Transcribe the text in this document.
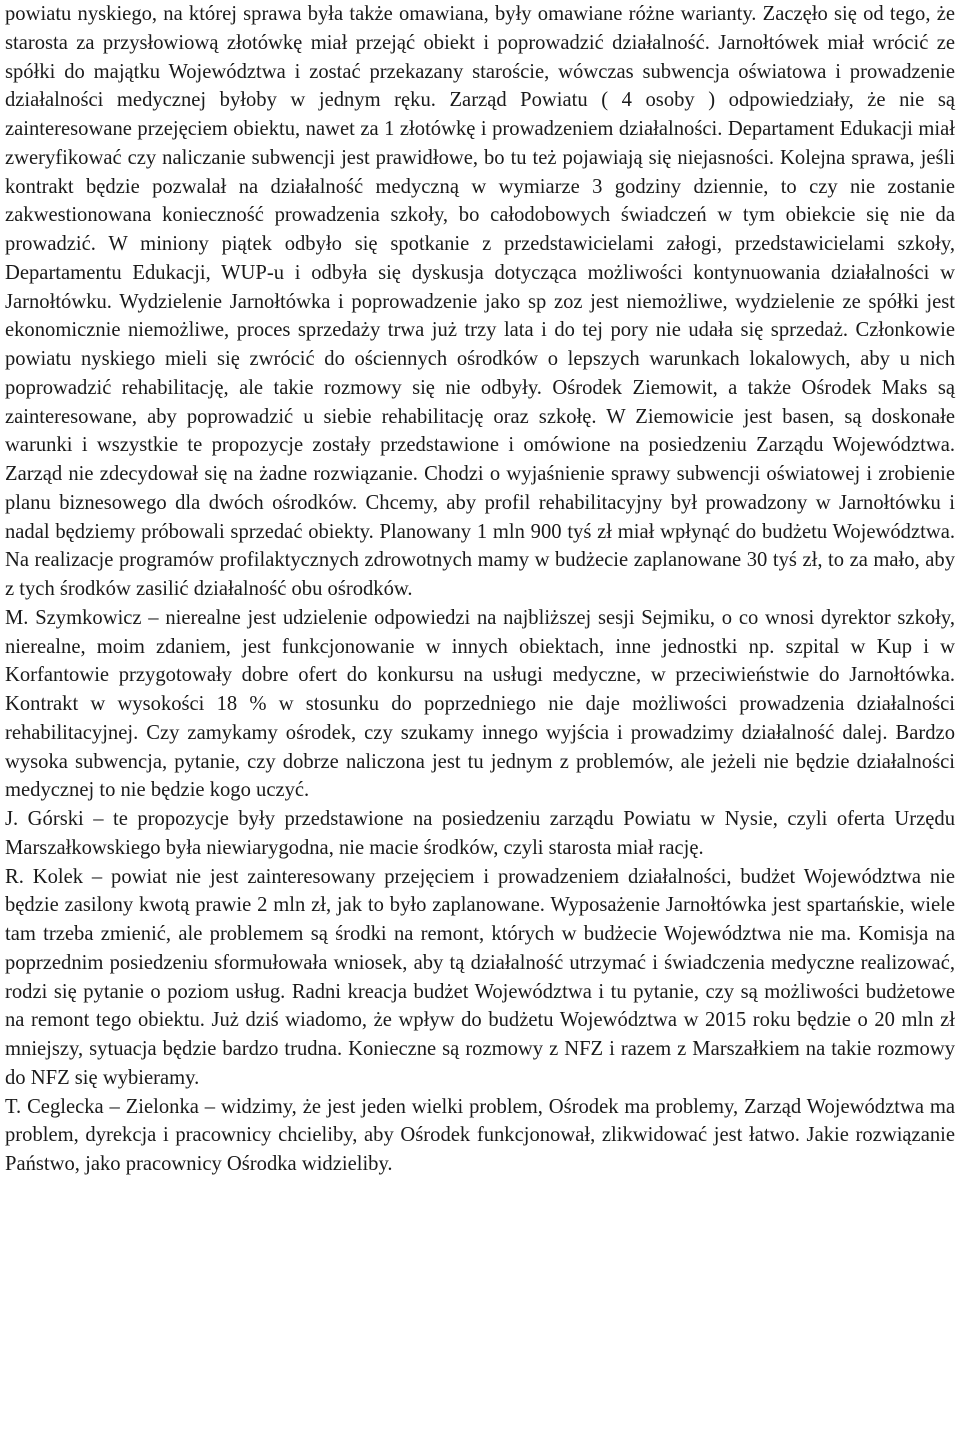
powiatu nyskiego, na której sprawa była także omawiana, były omawiane różne warianty. Zaczęło się od tego, że starosta za przysłowiową złotówkę miał przejąć obiekt i poprowadzić działalność. Jarnołtówek miał wrócić ze spółki do majątku Województwa i zostać przekazany staroście, wówczas subwencja oświatowa i prowadzenie działalności medycznej byłoby w jednym ręku. Zarząd Powiatu ( 4 osoby ) odpowiedziały, że nie są zainteresowane przejęciem obiektu, nawet za 1 złotówkę i prowadzeniem działalności. Departament Edukacji miał zweryfikować czy naliczanie subwencji jest prawidłowe, bo tu też pojawiają się niejasności. Kolejna sprawa, jeśli kontrakt będzie pozwalał na działalność medyczną w wymiarze 3 godziny dziennie, to czy nie zostanie zakwestionowana konieczność prowadzenia szkoły, bo całodobowych świadczeń w tym obiekcie się nie da prowadzić. W miniony piątek odbyło się spotkanie z przedstawicielami załogi, przedstawicielami szkoły, Departamentu Edukacji, WUP-u i odbyła się dyskusja dotycząca możliwości kontynuowania działalności w Jarnołtówku. Wydzielenie Jarnołtówka i poprowadzenie jako sp zoz jest niemożliwe, wydzielenie ze spółki jest ekonomicznie niemożliwe, proces sprzedaży trwa już trzy lata i do tej pory nie udała się sprzedaż. Członkowie powiatu nyskiego mieli się zwrócić do ościennych ośrodków o lepszych warunkach lokalowych, aby u nich poprowadzić rehabilitację, ale takie rozmowy się nie odbyły. Ośrodek Ziemowit, a także Ośrodek Maks są zainteresowane, aby poprowadzić u siebie rehabilitację oraz szkołę. W Ziemowicie jest basen, są doskonałe warunki i wszystkie te propozycje zostały przedstawione i omówione na posiedzeniu Zarządu Województwa. Zarząd nie zdecydował się na żadne rozwiązanie. Chodzi o wyjaśnienie sprawy subwencji oświatowej i zrobienie planu biznesowego dla dwóch ośrodków. Chcemy, aby profil rehabilitacyjny był prowadzony w Jarnołtówku i nadal będziemy próbowali sprzedać obiekty. Planowany 1 mln 900 tyś zł miał wpłynąć do budżetu Województwa. Na realizacje programów profilaktycznych zdrowotnych mamy w budżecie zaplanowane 30 tyś zł, to za mało, aby z tych środków zasilić działalność obu ośrodków.

M. Szymkowicz – nierealne jest udzielenie odpowiedzi na najbliższej sesji Sejmiku, o co wnosi dyrektor szkoły, nierealne, moim zdaniem, jest funkcjonowanie w innych obiektach, inne jednostki np. szpital w Kup i w Korfantowie przygotowały dobre ofert do konkursu na usługi medyczne, w przeciwieństwie do Jarnołtówka. Kontrakt w wysokości 18 % w stosunku do poprzedniego nie daje możliwości prowadzenia działalności rehabilitacyjnej. Czy zamykamy ośrodek, czy szukamy innego wyjścia i prowadzimy działalność dalej. Bardzo wysoka subwencja, pytanie, czy dobrze naliczona jest tu jednym z problemów, ale jeżeli nie będzie działalności medycznej to nie będzie kogo uczyć.

J. Górski – te propozycje były przedstawione na posiedzeniu zarządu Powiatu w Nysie, czyli oferta Urzędu Marszałkowskiego była niewiarygodna, nie macie środków, czyli starosta miał rację.

R. Kolek – powiat nie jest zainteresowany przejęciem i prowadzeniem działalności, budżet Województwa nie będzie zasilony kwotą prawie 2 mln zł, jak to było zaplanowane. Wyposażenie Jarnołtówka jest spartańskie, wiele tam trzeba zmienić, ale problemem są środki na remont, których w budżecie Województwa nie ma. Komisja na poprzednim posiedzeniu sformułowała wniosek, aby tą działalność utrzymać i świadczenia medyczne realizować, rodzi się pytanie o poziom usług. Radni kreacja budżet Województwa i tu pytanie, czy są możliwości budżetowe na remont tego obiektu. Już dziś wiadomo, że wpływ do budżetu Województwa w 2015 roku będzie o 20 mln zł mniejszy, sytuacja będzie bardzo trudna. Konieczne są rozmowy z NFZ i razem z Marszałkiem na takie rozmowy do NFZ się wybieramy.

T. Ceglecka – Zielonka – widzimy, że jest jeden wielki problem, Ośrodek ma problemy, Zarząd Województwa ma problem, dyrekcja i pracownicy chcieliby, aby Ośrodek funkcjonował, zlikwidować jest łatwo. Jakie rozwiązanie Państwo, jako pracownicy Ośrodka widzieliby.
